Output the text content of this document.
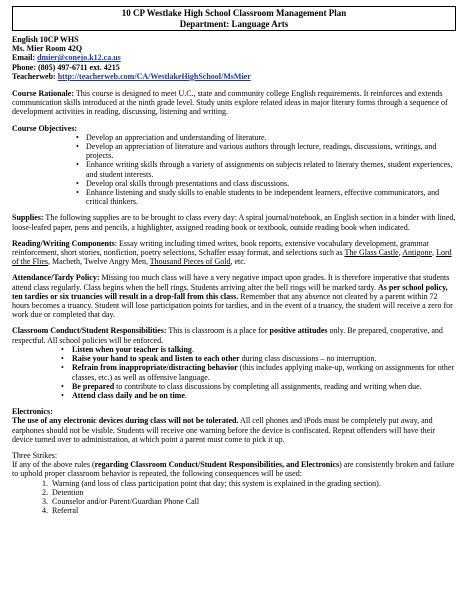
10 CP Westlake High School Classroom Management Plan
Department: Language Arts
English 10CP WHS
Ms. Mier Room 42Q
Email: dmier@conejo.k12.ca.us
Phone: (805) 497-6711 ext. 4215
Teacherweb: http://teacherweb.com/CA/WestlakeHighSchool/MsMier

Course Rationale: This course is designed to meet U.C., state and community college English requirements. It reinforces and extends communication skills introduced at the ninth grade level. Study units explore related ideas in major literary forms through a sequence of development activities in reading, discussing, listening and writing.

Course Objectives:
• Develop an appreciation and understanding of literature.
• Develop an appreciation of literature and various authors through lecture, readings, discussions, writings, and projects.
• Enhance writing skills through a variety of assignments on subjects related to literary themes, student experiences, and student interests.
• Develop oral skills through presentations and class discussions.
• Enhance listening and study skills to enable students to be independent learners, effective communicators, and critical thinkers.

Supplies: The following supplies are to be brought to class every day: A spiral journal/notebook, an English section in a binder with lined, loose-leafed paper, pens and pencils, a highlighter, assigned reading book or textbook, outside reading book when indicated.

Reading/Writing Components: Essay writing including timed writes, book reports, extensive vocabulary development, grammar reinforcement, short stories, nonfiction, poetry selections, Schaffer essay format, and selections such as The Glass Castle, Antigone, Lord of the Flies, Macbeth, Twelve Angry Men, Thousand Pieces of Gold, etc.

Attendance/Tardy Policy: Missing too much class will have a very negative impact upon grades. It is therefore imperative that students attend class regularly. Class begins when the bell rings. Students arriving after the bell rings will be marked tardy. As per school policy, ten tardies or six truancies will result in a drop-fall from this class. Remember that any absence not cleared by a parent within 72 hours becomes a truancy. Student will lose participation points for tardies, and in the event of a truancy, the student will receive a zero for work due or completed that day.

Classroom Conduct/Student Responsibilities: This is classroom is a place for positive attitudes only. Be prepared, cooperative, and respectful. All school policies will be enforced.
• Listen when your teacher is talking.
• Raise your hand to speak and listen to each other during class discussions – no interruption.
• Refrain from inappropriate/distracting behavior (this includes applying make-up, working on assignments for other classes, etc.) as well as offensive language.
• Be prepared to contribute to class discussions by completing all assignments, reading and writing when due.
• Attend class daily and be on time.
Electronics:
The use of any electronic devices during class will not be tolerated. All cell phones and iPods must be completely put away, and earphones should not be visible. Students will receive one warning before the device is confiscated. Repeat offenders will have their device turned over to administration, at which point a parent must come to pick it up.
Three Strikes:
If any of the above rules (regarding Classroom Conduct/Student Responsibilities, and Electronics) are consistently broken and failure to uphold proper classroom behavior is repeated, the following consequences will be used:
1. Warning (and loss of class participation point that day; this system is explained in the grading section).
2. Detention
3. Counselor and/or Parent/Guardian Phone Call
4. Referral
